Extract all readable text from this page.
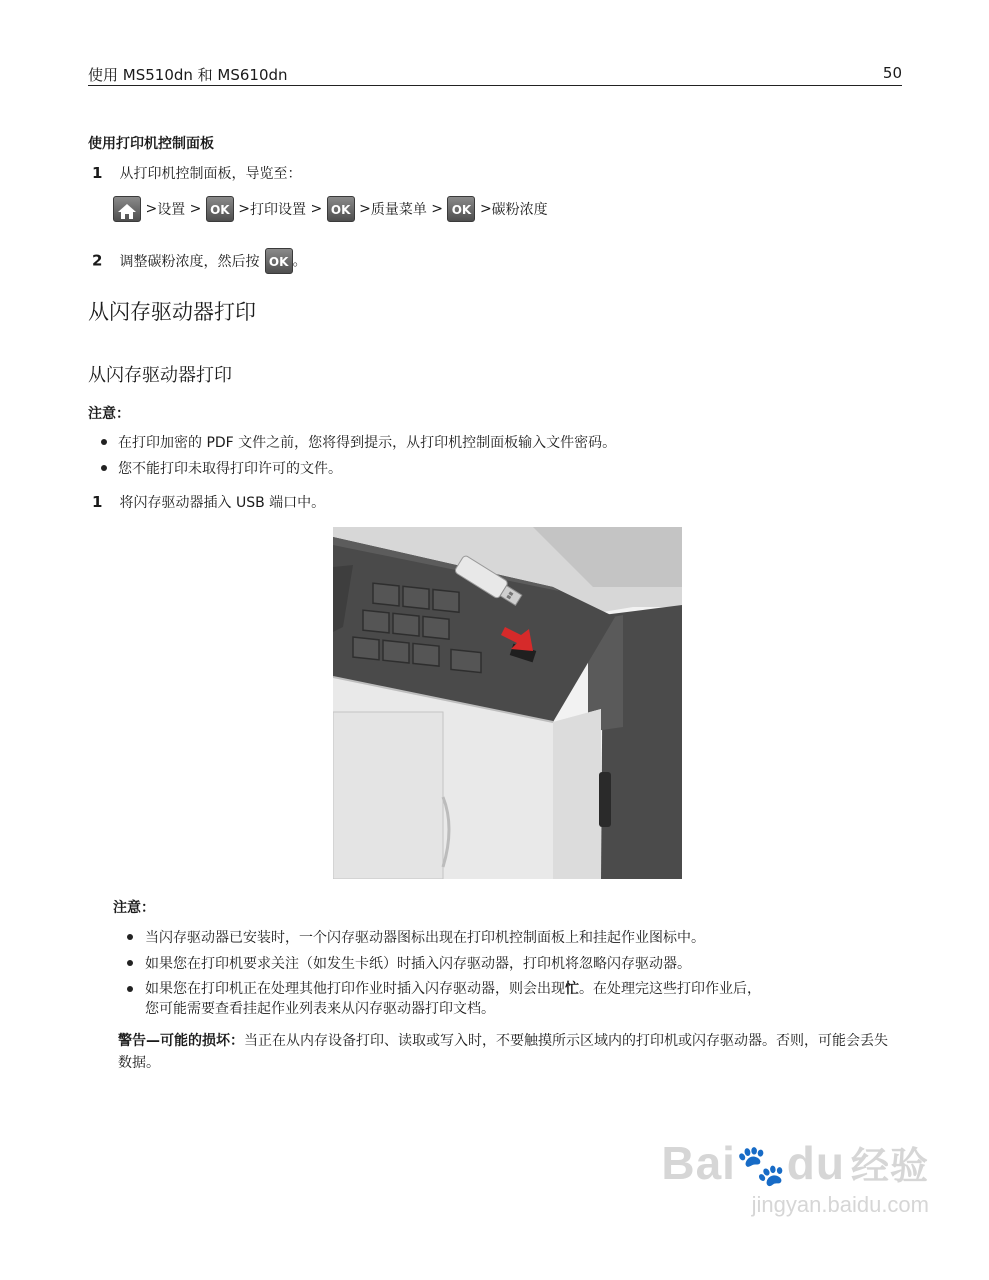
使用 MS510dn 和 MS610dn	50
使用打印机控制面板
1 从打印机控制面板，导览至：
>设置 > OK >打印设置 > OK >质量菜单 > OK >碳粉浓度
2 调整碳粉浓度，然后按 OK 。
从闪存驱动器打印
从闪存驱动器打印
注意：
在打印加密的 PDF 文件之前，您将得到提示，从打印机控制面板输入文件密码。
您不能打印未取得打印许可的文件。
1 将闪存驱动器插入 USB 端口中。
注意：
当闪存驱动器已安装时，一个闪存驱动器图标出现在打印机控制面板上和挂起作业图标中。
如果您在打印机要求关注（如发生卡纸）时插入闪存驱动器，打印机将忽略闪存驱动器。
如果您在打印机正在处理其他打印作业时插入闪存驱动器，则会出现忙。在处理完这些打印作业后，
您可能需要查看挂起作业列表来从闪存驱动器打印文档。
警告—可能的损坏：当正在从内存设备打印、读取或写入时，不要触摸所示区域内的打印机或闪存驱动器。否则，可能会丢失数据。
Bai🐾du 经验
jingyan.baidu.com
